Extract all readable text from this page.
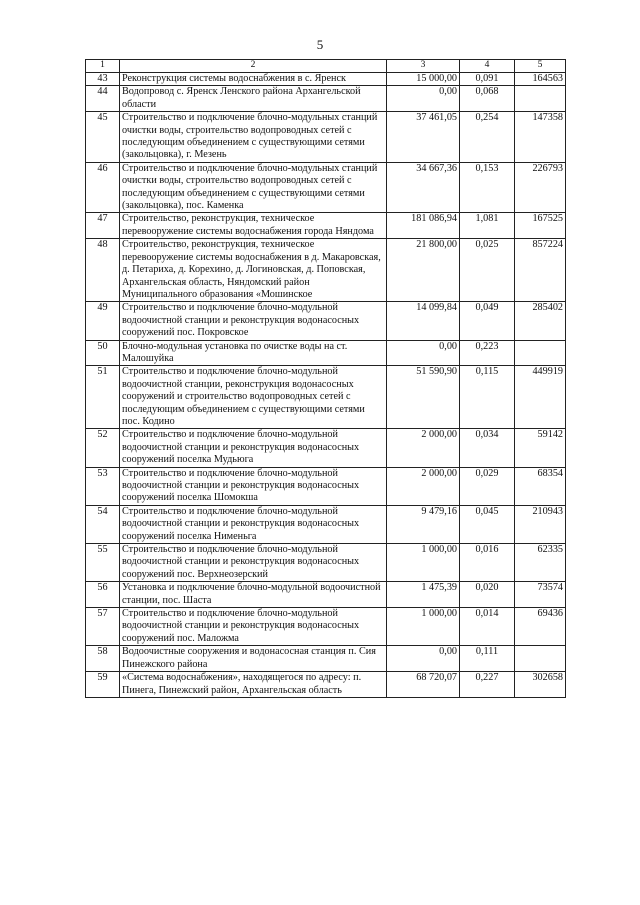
5
1	2	3	4	5
43	Реконструкция системы водоснабжения в с. Яренск	15 000,00	0,091	164563
44	Водопровод с. Яренск Ленского района Архангельской области	0,00	0,068	
45	Строительство и подключение блочно-модульных станций очистки воды, строительство водопроводных сетей с последующим объединением с существующими сетями (закольцовка), г. Мезень	37 461,05	0,254	147358
46	Строительство и подключение блочно-модульных станций очистки воды, строительство водопроводных сетей с последующим объединением с существующими сетями (закольцовка), пос. Каменка	34 667,36	0,153	226793
47	Строительство, реконструкция, техническое перевооружение системы водоснабжения города Няндома	181 086,94	1,081	167525
48	Строительство, реконструкция, техническое перевооружение системы водоснабжения в д. Макаровская, д. Петариха, д. Корехино, д. Логиновская, д. Поповская, Архангельская область, Няндомский район Муниципального образования «Мошинское	21 800,00	0,025	857224
49	Строительство и подключение блочно-модульной водоочистной станции и реконструкция водонасосных сооружений пос. Покровское	14 099,84	0,049	285402
50	Блочно-модульная установка по очистке воды на ст. Малошуйка	0,00	0,223	
51	Строительство и подключение блочно-модульной водоочистной станции, реконструкция водонасосных сооружений и строительство водопроводных сетей с последующим объединением с существующими сетями пос. Кодино	51 590,90	0,115	449919
52	Строительство и подключение блочно-модульной водоочистной станции и реконструкция водонасосных сооружений поселка Мудьюга	2 000,00	0,034	59142
53	Строительство и подключение блочно-модульной водоочистной станции и реконструкция водонасосных сооружений поселка Шомокша	2 000,00	0,029	68354
54	Строительство и подключение блочно-модульной водоочистной станции и реконструкция водонасосных сооружений поселка Нименьга	9 479,16	0,045	210943
55	Строительство и подключение блочно-модульной водоочистной станции и реконструкция водонасосных сооружений пос. Верхнеозерский	1 000,00	0,016	62335
56	Установка и подключение блочно-модульной водоочистной станции, пос. Шаста	1 475,39	0,020	73574
57	Строительство и подключение блочно-модульной водоочистной станции и реконструкция водонасосных сооружений пос. Маложма	1 000,00	0,014	69436
58	Водоочистные сооружения и водонасосная станция п. Сия Пинежского района	0,00	0,111	
59	«Система водоснабжения», находящегося по адресу: п. Пинега, Пинежский район, Архангельская область	68 720,07	0,227	302658
